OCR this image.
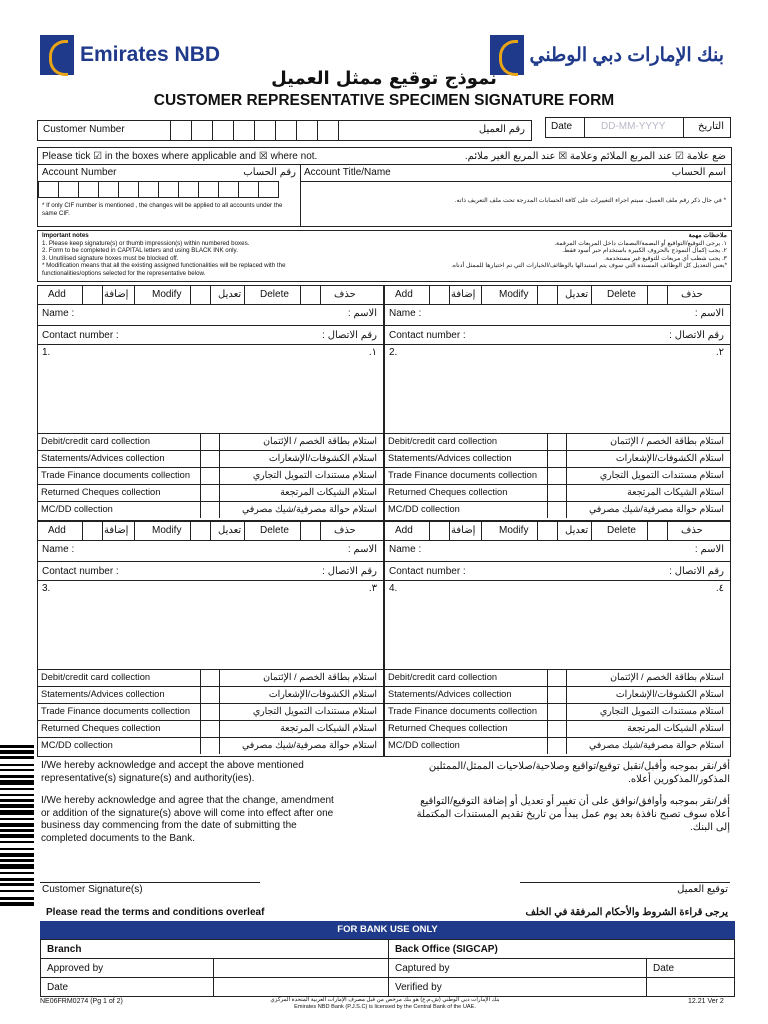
Emirates NBD	بنك الإمارات دبي الوطني
نموذج توقيع ممثل العميل
CUSTOMER REPRESENTATIVE SPECIMEN SIGNATURE FORM
Customer Number	رقم العميل	Date	DD-MM-YYYY	التاريخ
Please tick ☑ in the boxes where applicable and ☒ where not.	ضع علامة ☑ عند المربع الملائم وعلامة ☒ عند المربع الغير ملائم.
Account Number	رقم الحساب
* If only CIF number is mentioned , the changes will be applied to all accounts under the same CIF.
Account Title/Name	اسم الحساب
* في حال ذكر رقم ملف العميل، سيتم اجراء التغييرات على كافة الحسابات المدرجة تحت ملف التعريف ذاته.
Important notes
1. Please keep signature(s) or thumb impression(s) within numbered boxes.
2. Form to be completed in CAPITAL letters and using BLACK INK only.
3. Unutilised signature boxes must be blocked off.
* Modification means that all the existing assigned functionalities will be replaced with the functionalities/options selected for the representative below.
ملاحظات مهمة
١. يرجى التوقيع/التواقيع أو البصمة/البصمات داخل المربعات المرقمة.
٢. يجب إكمال النموذج بالحروف الكبيرة باستخدام حبر أسود فقط.
٣. يجب شطب أي مربعات للتوقيع غير مستخدمة.
*يعني التعديل كل الوظائف المسندة التي سوف يتم استبدالها بالوظائف/الخيارات التي تم اختيارها للممثل أدناه.
Add	إضافة Modify	تعديل Delete	حذف
Name :	الاسم :
Contact number :	رقم الاتصال :
1.	١.
Debit/credit card collection	استلام بطاقة الخصم / الإئتمان
Statements/Advices collection	استلام الكشوفات/الإشعارات
Trade Finance documents collection	استلام مستندات التمويل التجاري
Returned Cheques collection	استلام الشيكات المرتجعة
MC/DD collection	استلام حوالة مصرفية/شيك مصرفي
Add	إضافة Modify	تعديل Delete	حذف
Name :	الاسم :
Contact number :	رقم الاتصال :
2.	٢.
Debit/credit card collection	استلام بطاقة الخصم / الإئتمان
Statements/Advices collection	استلام الكشوفات/الإشعارات
Trade Finance documents collection	استلام مستندات التمويل التجاري
Returned Cheques collection	استلام الشيكات المرتجعة
MC/DD collection	استلام حوالة مصرفية/شيك مصرفي
Add	إضافة Modify	تعديل Delete	حذف
Name :	الاسم :
Contact number :	رقم الاتصال :
3.	٣.
Debit/credit card collection	استلام بطاقة الخصم / الإئتمان
Statements/Advices collection	استلام الكشوفات/الإشعارات
Trade Finance documents collection	استلام مستندات التمويل التجاري
Returned Cheques collection	استلام الشيكات المرتجعة
MC/DD collection	استلام حوالة مصرفية/شيك مصرفي
Add	إضافة Modify	تعديل Delete	حذف
Name :	الاسم :
Contact number :	رقم الاتصال :
4.	٤.
Debit/credit card collection	استلام بطاقة الخصم / الإئتمان
Statements/Advices collection	استلام الكشوفات/الإشعارات
Trade Finance documents collection	استلام مستندات التمويل التجاري
Returned Cheques collection	استلام الشيكات المرتجعة
MC/DD collection	استلام حوالة مصرفية/شيك مصرفي
I/We hereby acknowledge and accept the above mentioned representative(s) signature(s) and authority(ies).
I/We hereby acknowledge and agree that the change, amendment or addition of the signature(s) above will come into effect after one business day commencing from the date of submitting the completed documents to the Bank.
أقر/نقر بموجبه وأقبل/نقبل توقيع/تواقيع وصلاحية/صلاحيات الممثل/الممثلين المذكور/المذكورين أعلاه.
أقر/نقر بموجبه وأوافق/نوافق على أن تغيير أو تعديل أو إضافة التوقيع/التواقيع أعلاه سوف تصبح نافذة بعد يوم عمل يبدأ من تاريخ تقديم المستندات المكتملة إلى البنك.
Customer Signature(s)	توقيع العميل
Please read the terms and conditions overleaf	يرجى قراءة الشروط والأحكام المرفقة في الخلف
FOR BANK USE ONLY
Branch		Back Office (SIGCAP)	
Approved by		Captured by	Date
Date		Verified by	
NE06FRM0274 (Pg 1 of 2)	بنك الإمارات دبي الوطني (ش.م.ع) هو بنك مرخص من قبل مصرف الإمارات العربية المتحدة المركزي
Emirates NBD Bank (P.J.S.C) is licensed by the Central Bank of the UAE.
12.21 Ver 2
